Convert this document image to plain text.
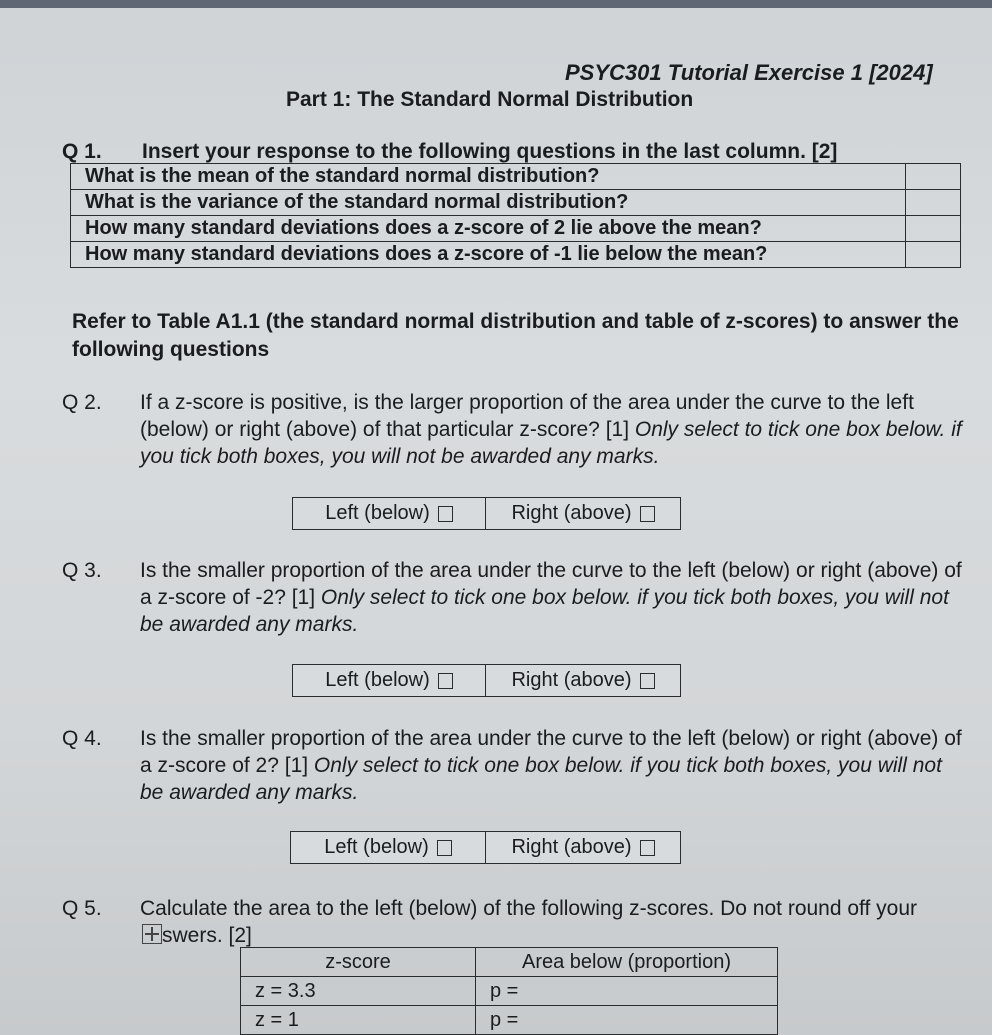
PSYC301 Tutorial Exercise 1 [2024]
Part 1: The Standard Normal Distribution
Q 1. Insert your response to the following questions in the last column. [2]
What is the mean of the standard normal distribution?	
What is the variance of the standard normal distribution?	
How many standard deviations does a z-score of 2 lie above the mean?	
How many standard deviations does a z-score of -1 lie below the mean?	
Refer to Table A1.1 (the standard normal distribution and table of z-scores) to answer the following questions
Q 2. If a z-score is positive, is the larger proportion of the area under the curve to the left (below) or right (above) of that particular z-score? [1] Only select to tick one box below. if you tick both boxes, you will not be awarded any marks.
Left (below)	Right (above)
Q 3. Is the smaller proportion of the area under the curve to the left (below) or right (above) of a z-score of -2? [1] Only select to tick one box below. if you tick both boxes, you will not be awarded any marks.
Left (below)	Right (above)
Q 4. Is the smaller proportion of the area under the curve to the left (below) or right (above) of a z-score of 2? [1] Only select to tick one box below. if you tick both boxes, you will not be awarded any marks.
Left (below)	Right (above)
Q 5. Calculate the area to the left (below) of the following z-scores. Do not round off your swers. [2]
z-score	Area below (proportion)
z = 3.3	p =
z = 1	p =
